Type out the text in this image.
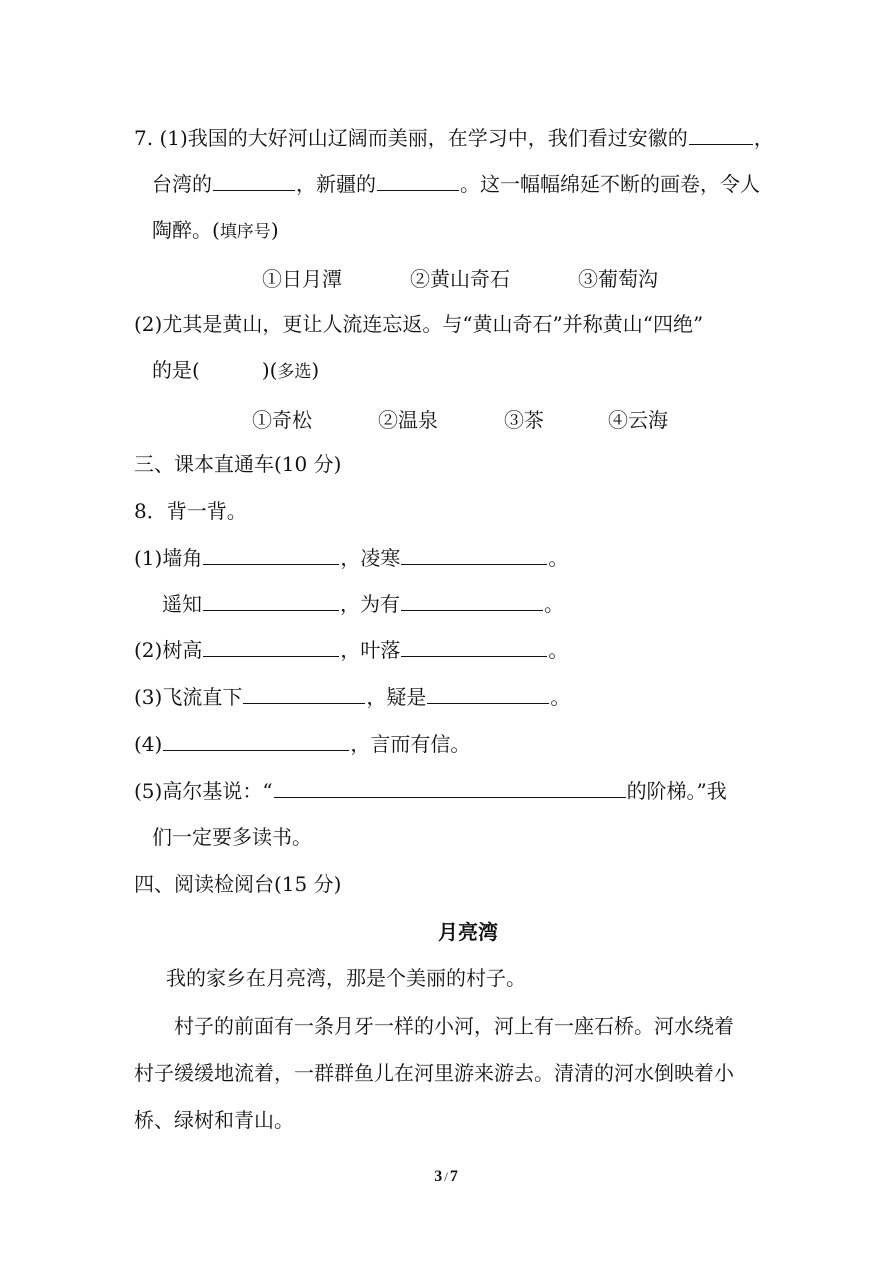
7. (1)我国的大好河山辽阔而美丽，在学习中，我们看过安徽的	，
台湾的	，新疆的	。这一幅幅绵延不断的画卷，令人
陶醉。(填序号)
①日月潭	②黄山奇石	③葡萄沟
(2)尤其是黄山，更让人流连忘返。与“黄山奇石”并称黄山“四绝”
的是(	)(多选)
①奇松	②温泉	③茶	④云海
三、课本直通车(10 分)
8．背一背。
(1)墙角	，凌寒	。
遥知	，为有	。
(2)树高	，叶落	。
(3)飞流直下	，疑是	。
(4)	，言而有信。
(5)高尔基说：“	的阶梯。”我
们一定要多读书。
四、阅读检阅台(15 分)
月亮湾
我的家乡在月亮湾，那是个美丽的村子。
村子的前面有一条月牙一样的小河，河上有一座石桥。河水绕着
村子缓缓地流着，一群群鱼儿在河里游来游去。清清的河水倒映着小
桥、绿树和青山。
3 / 7
